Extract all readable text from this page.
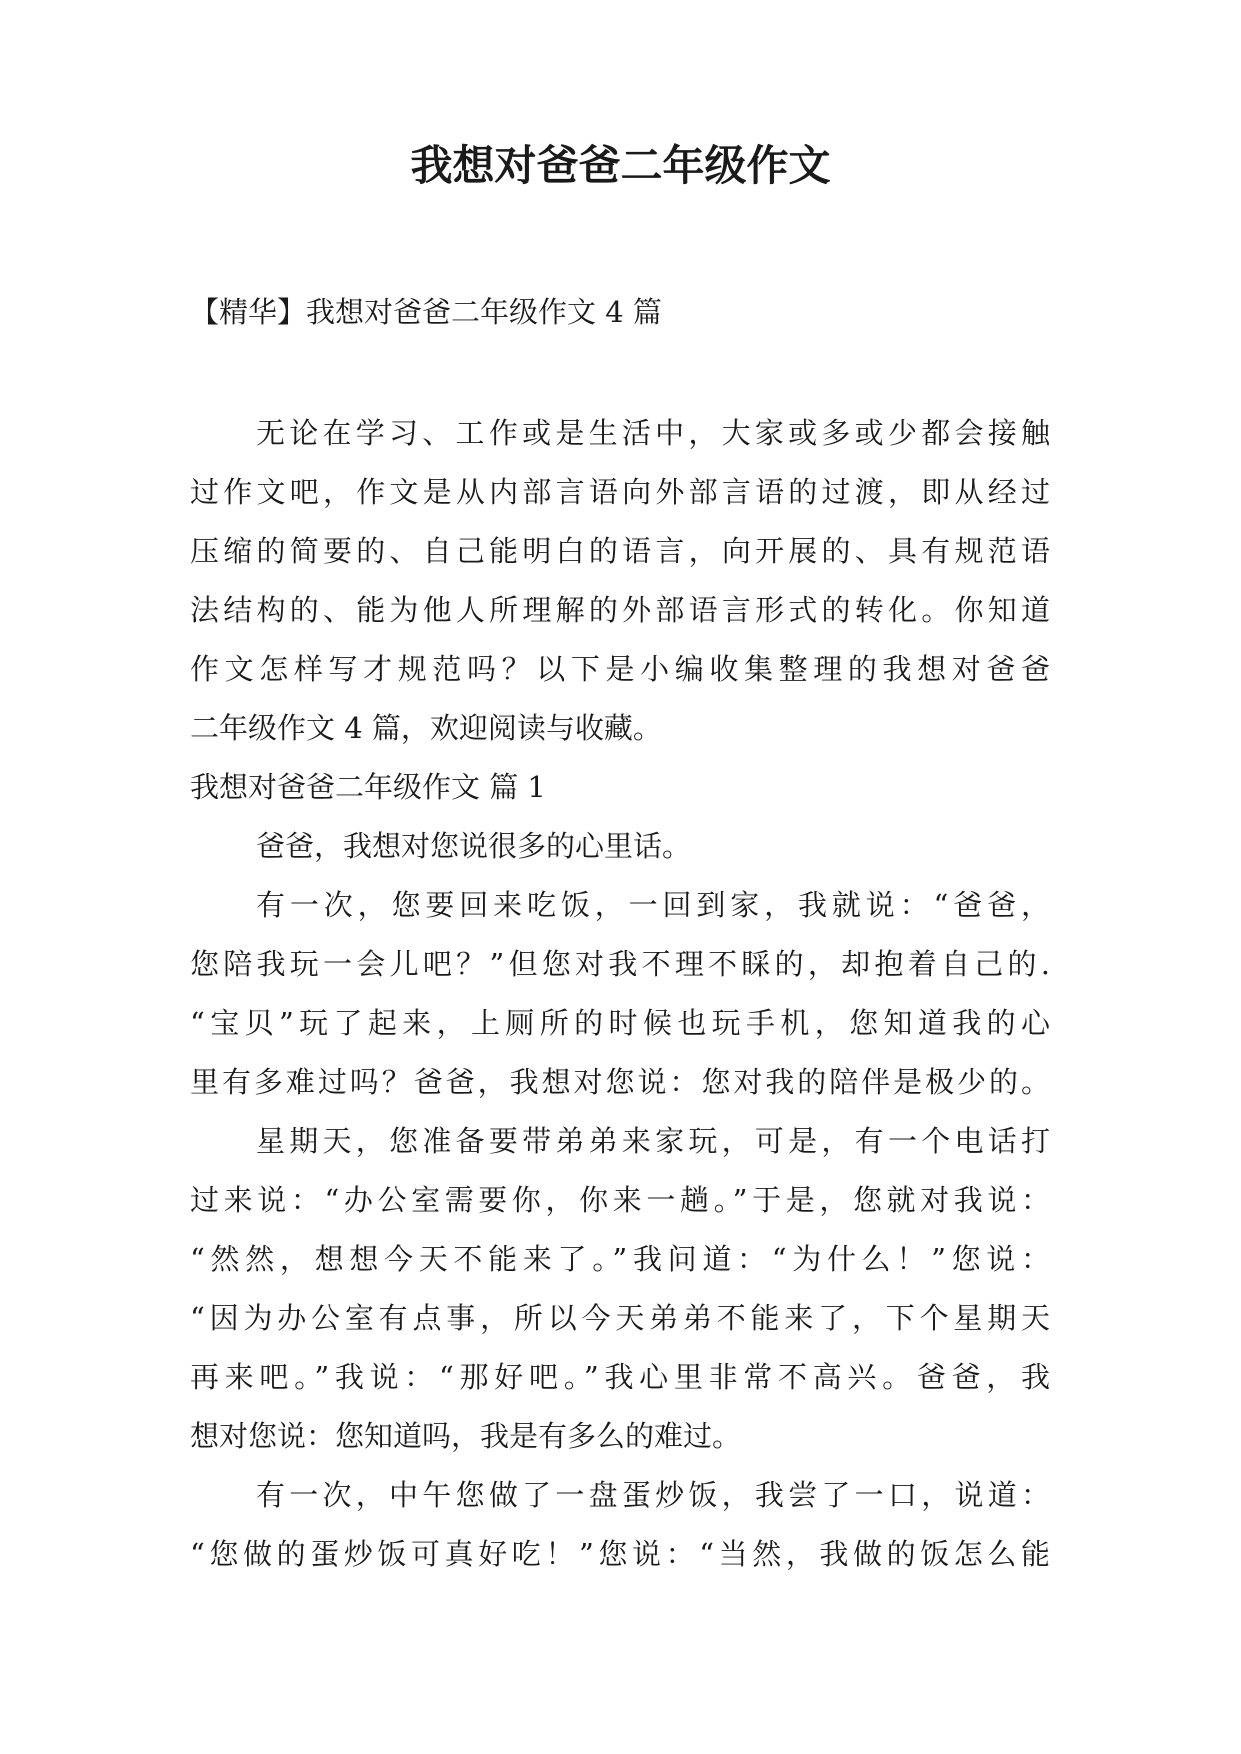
我想对爸爸二年级作文
【精华】我想对爸爸二年级作文 4 篇
无论在学习、工作或是生活中，大家或多或少都会接触
过作文吧，作文是从内部言语向外部言语的过渡，即从经过
压缩的简要的、自己能明白的语言，向开展的、具有规范语
法结构的、能为他人所理解的外部语言形式的转化。你知道
作文怎样写才规范吗？以下是小编收集整理的我想对爸爸
二年级作文 4 篇，欢迎阅读与收藏。
我想对爸爸二年级作文 篇 1
爸爸，我想对您说很多的心里话。
有一次，您要回来吃饭，一回到家，我就说：“爸爸，
您陪我玩一会儿吧？”但您对我不理不睬的，却抱着自己的.
“宝贝”玩了起来，上厕所的时候也玩手机，您知道我的心
里有多难过吗？爸爸，我想对您说：您对我的陪伴是极少的。
星期天，您准备要带弟弟来家玩，可是，有一个电话打
过来说：“办公室需要你，你来一趟。”于是，您就对我说：
“然然，想想今天不能来了。”我问道：“为什么！”您说：
“因为办公室有点事，所以今天弟弟不能来了，下个星期天
再来吧。”我说：“那好吧。”我心里非常不高兴。爸爸，我
想对您说：您知道吗，我是有多么的难过。
有一次，中午您做了一盘蛋炒饭，我尝了一口，说道：
“您做的蛋炒饭可真好吃！”您说：“当然，我做的饭怎么能
